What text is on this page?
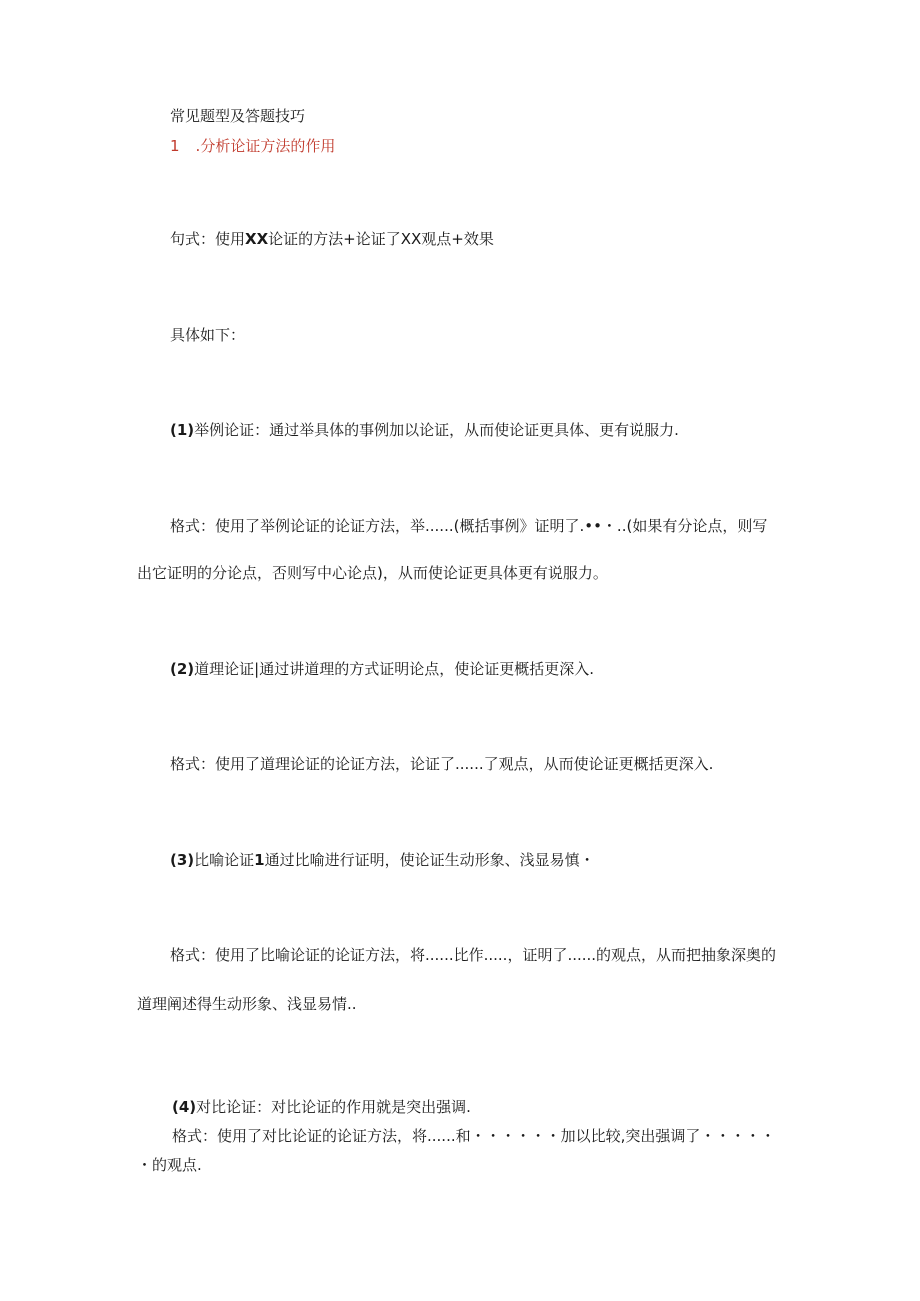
常见题型及答题技巧

1 .分析论证方法的作用

句式：使用XX论证的方法+论证了XX观点+效果

具体如下：

(1)举例论证：通过举具体的事例加以论证，从而使论证更具体、更有说服力.

格式：使用了举例论证的论证方法，举......(概括事例》证明了.••・..(如果有分论点，则写

出它证明的分论点，否则写中心论点)，从而使论证更具体更有说服力。

(2)道理论证|通过讲道理的方式证明论点，使论证更概括更深入.

格式：使用了道理论证的论证方法，论证了......了观点，从而使论证更概括更深入.

(3)比喻论证1通过比喻进行证明，使论证生动形象、浅显易慎・

格式：使用了比喻论证的论证方法，将......比作.....，证明了......的观点，从而把抽象深奥的

道理阐述得生动形象、浅显易情..

(4)对比论证：对比论证的作用就是突出强调.

格式：使用了对比论证的论证方法，将......和・・・・・・加以比较,突出强调了・・・・・

・的观点.
